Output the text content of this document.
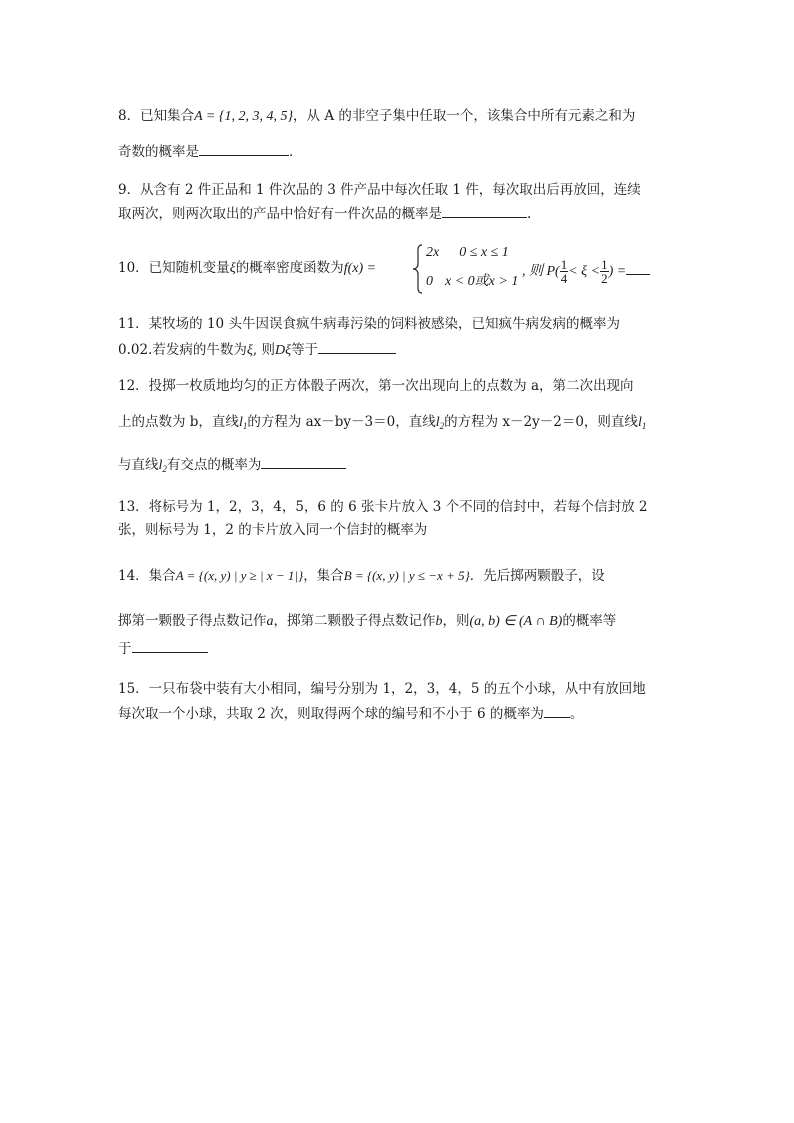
8．已知集合A = {1, 2, 3, 4, 5}，从 A 的非空子集中任取一个，该集合中所有元素之和为
奇数的概率是	．
9．从含有 2 件正品和 1 件次品的 3 件产品中每次任取 1 件，每次取出后再放回，连续
取两次，则两次取出的产品中恰好有一件次品的概率是	.
10．已知随机变量ξ的概率密度函数为f(x) =
2x 0 ≤ x ≤ 1
0 x < 0或x > 1
, 则 $P( \frac{1}{4} < \xi < \frac{1}{2}$ ) =
11．某牧场的 10 头牛因误食疯牛病毒污染的饲料被感染，已知疯牛病发病的概率为
0.02.若发病的牛数为ξ, 则Dξ等于
12．投掷一枚质地均匀的正方体骰子两次，第一次出现向上的点数为 a，第二次出现向
上的点数为 b，直线$l_1$的方程为 ax－by－3＝0，直线$l_2$的方程为 x－2y－2＝0，则直线$l_1$
与直线$l_2$有交点的概率为
13．将标号为 1，2，3，4，5，6 的 6 张卡片放入 3 个不同的信封中，若每个信封放 2
张，则标号为 1，2 的卡片放入同一个信封的概率为
14．集合A = {(x, y) | y ≥ | x − 1|}，集合B = {(x, y) | y ≤ −x + 5}．先后掷两颗骰子，设
掷第一颗骰子得点数记作a，掷第二颗骰子得点数记作b，则(a, b) ∈ (A ∩ B)的概率等
于
15．一只布袋中装有大小相同，编号分别为 1，2，3，4，5 的五个小球，从中有放回地
每次取一个小球，共取 2 次，则取得两个球的编号和不小于 6 的概率为 。
